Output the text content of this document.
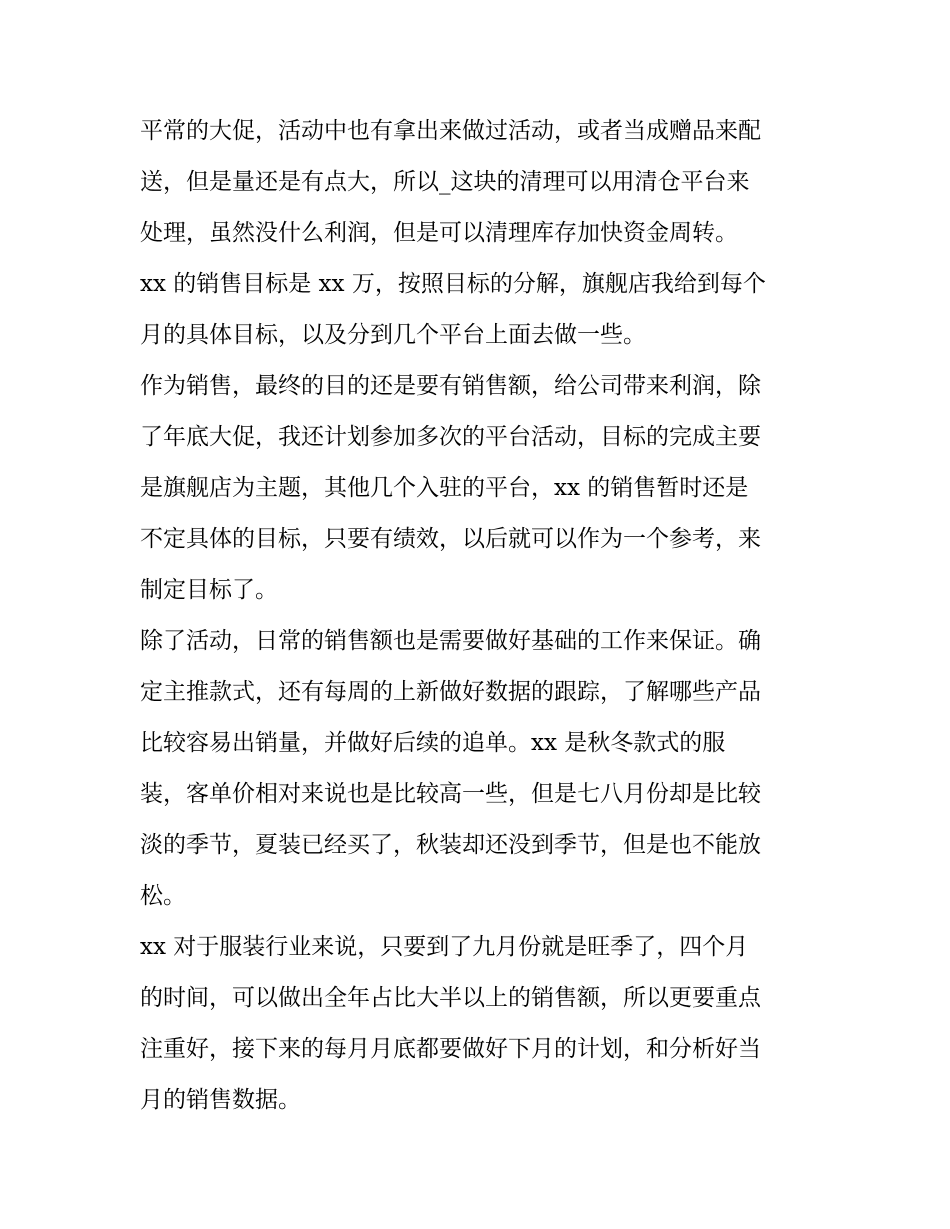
平常的大促，活动中也有拿出来做过活动，或者当成赠品来配
送，但是量还是有点大，所以_这块的清理可以用清仓平台来
处理，虽然没什么利润，但是可以清理库存加快资金周转。
xx 的销售目标是 xx 万，按照目标的分解，旗舰店我给到每个
月的具体目标，以及分到几个平台上面去做一些。
作为销售，最终的目的还是要有销售额，给公司带来利润，除
了年底大促，我还计划参加多次的平台活动，目标的完成主要
是旗舰店为主题，其他几个入驻的平台，xx 的销售暂时还是
不定具体的目标，只要有绩效，以后就可以作为一个参考，来
制定目标了。
除了活动，日常的销售额也是需要做好基础的工作来保证。确
定主推款式，还有每周的上新做好数据的跟踪，了解哪些产品
比较容易出销量，并做好后续的追单。xx 是秋冬款式的服
装，客单价相对来说也是比较高一些，但是七八月份却是比较
淡的季节，夏装已经买了，秋装却还没到季节，但是也不能放
松。
xx 对于服装行业来说，只要到了九月份就是旺季了，四个月
的时间，可以做出全年占比大半以上的销售额，所以更要重点
注重好，接下来的每月月底都要做好下月的计划，和分析好当
月的销售数据。
